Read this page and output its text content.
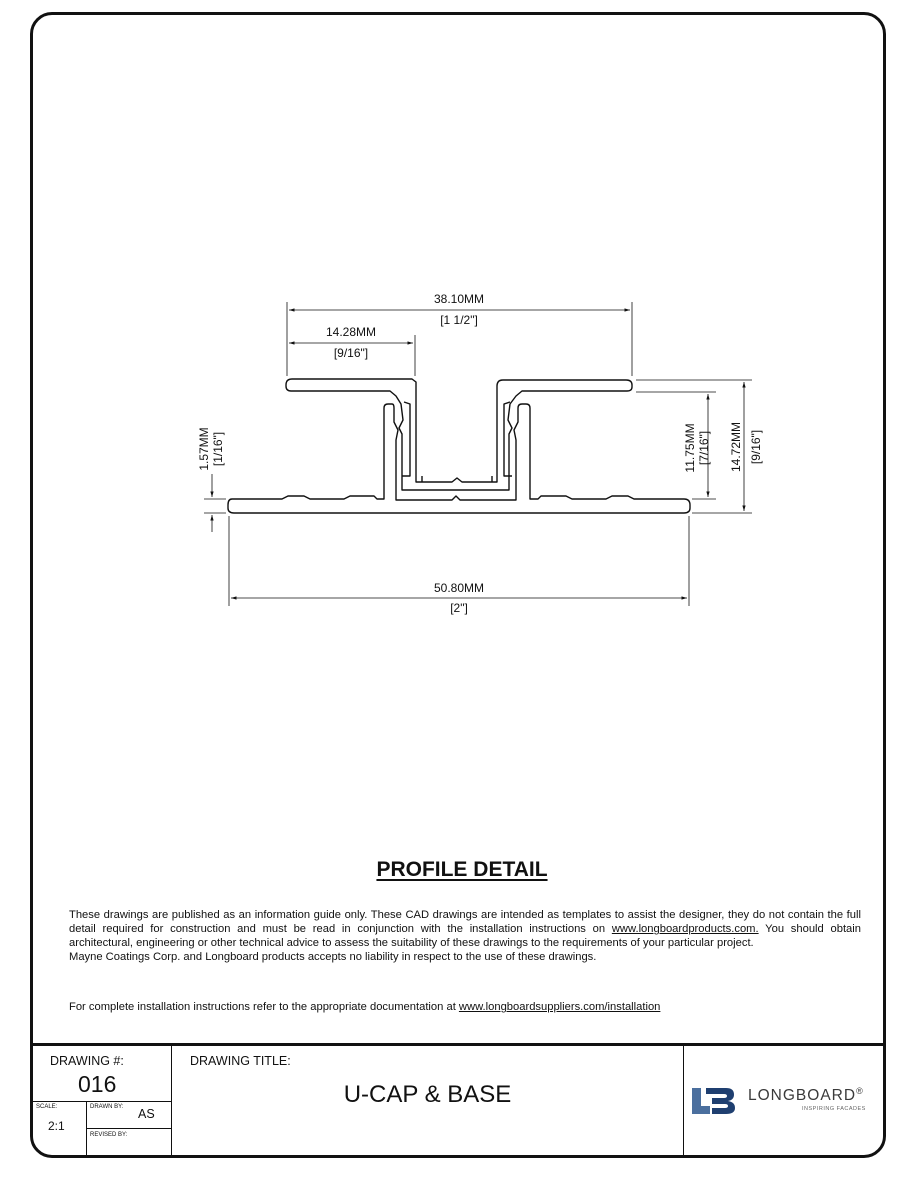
38.10MM
[1 1/2"]
14.28MM
[9/16"]
1.57MM [1/16"]	11.75MM [7/16"] 14.72MM [9/16"]
50.80MM
[2"]
PROFILE DETAIL

These drawings are published as an information guide only. These CAD drawings are intended as templates to assist the designer, they do not contain the full detail required for construction and must be read in conjunction with the installation instructions on www.longboardproducts.com. You should obtain architectural, engineering or other technical advice to assess the suitability of these drawings to the requirements of your particular project.

Mayne Coatings Corp. and Longboard products accepts no liability in respect to the use of these drawings.

For complete installation instructions refer to the appropriate documentation at www.longboardsuppliers.com/installation
DRAWING #:
016
SCALE:
2:1
DRAWN BY: AS
REVISED BY:
DRAWING TITLE:
U-CAP & BASE	LONGBOARD®
INSPIRING FACADES
